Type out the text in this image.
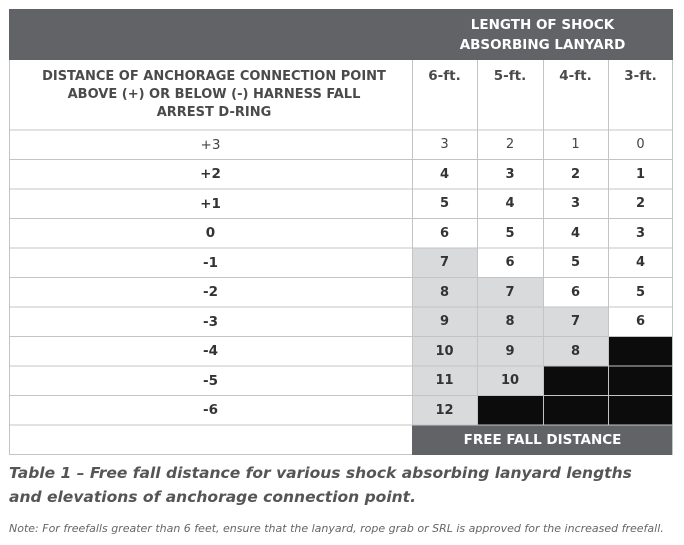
LENGTH OF SHOCK ABSORBING LANYARD
DISTANCE OF ANCHORAGE CONNECTION POINT ABOVE (+) OR BELOW (-) HARNESS FALL ARREST D-RING
6-ft.	5-ft.	4-ft.	3-ft.
+3	3	2	1	0
+2	4	3	2	1
+1	5	4	3	2
0	6	5	4	3
-1	7	6	5	4
-2	8	7	6	5
-3	9	8	7	6
-4	10	9	8
-5	11	10
-6	12
FREE FALL DISTANCE
Table 1 – Free fall distance for various shock absorbing lanyard lengths and elevations of anchorage connection point.
Note: For freefalls greater than 6 feet, ensure that the lanyard, rope grab or SRL is approved for the increased freefall.
